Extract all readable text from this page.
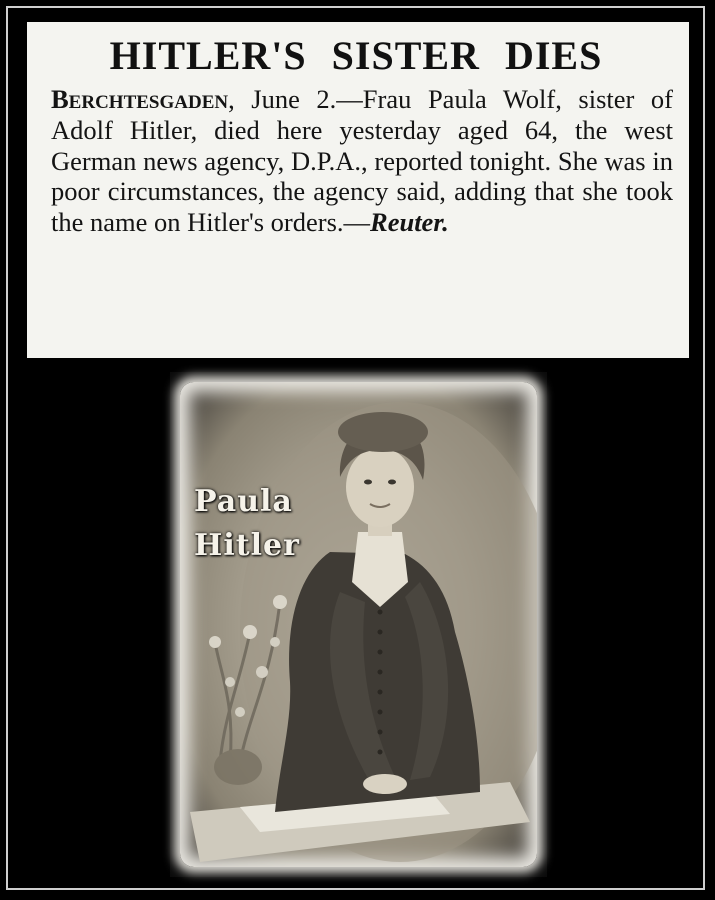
HITLER'S SISTER DIES
Berchtesgaden, June 2.—Frau Paula Wolf, sister of Adolf Hitler, died here yesterday aged 64, the west German news agency, D.P.A., reported tonight. She was in poor circumstances, the agency said, adding that she took the name on Hitler's orders.—Reuter.
Paula
Hitler
